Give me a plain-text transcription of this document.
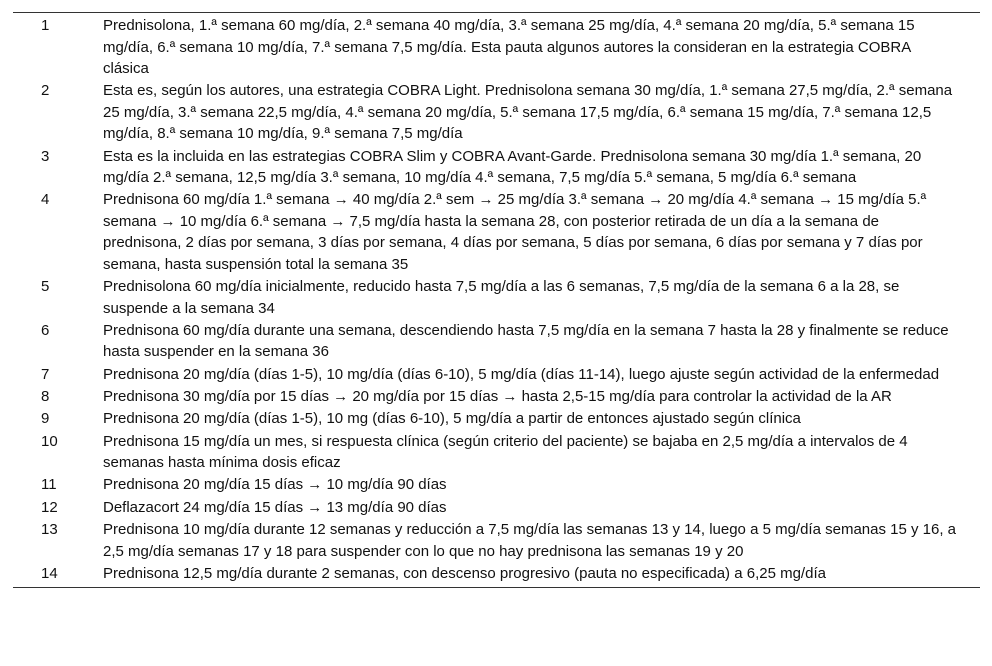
1	Prednisolona, 1.ª semana 60 mg/día, 2.ª semana 40 mg/día, 3.ª semana 25 mg/día, 4.ª semana 20 mg/día, 5.ª semana 15 mg/día, 6.ª semana 10 mg/día, 7.ª semana 7,5 mg/día. Esta pauta algunos autores la consideran en la estrategia COBRA clásica
2	Esta es, según los autores, una estrategia COBRA Light. Prednisolona semana 30 mg/día, 1.ª semana 27,5 mg/día, 2.ª semana 25 mg/día, 3.ª semana 22,5 mg/día, 4.ª semana 20 mg/día, 5.ª semana 17,5 mg/día, 6.ª semana 15 mg/día, 7.ª semana 12,5 mg/día, 8.ª semana 10 mg/día, 9.ª semana 7,5 mg/día
3	Esta es la incluida en las estrategias COBRA Slim y COBRA Avant-Garde. Prednisolona semana 30 mg/día 1.ª semana, 20 mg/día 2.ª semana, 12,5 mg/día 3.ª semana, 10 mg/día 4.ª semana, 7,5 mg/día 5.ª semana, 5 mg/día 6.ª semana
4	Prednisona 60 mg/día 1.ª semana → 40 mg/día 2.ª sem → 25 mg/día 3.ª semana → 20 mg/día 4.ª semana → 15 mg/día 5.ª semana → 10 mg/día 6.ª semana → 7,5 mg/día hasta la semana 28, con posterior retirada de un día a la semana de prednisona, 2 días por semana, 3 días por semana, 4 días por semana, 5 días por semana, 6 días por semana y 7 días por semana, hasta suspensión total la semana 35
5	Prednisolona 60 mg/día inicialmente, reducido hasta 7,5 mg/día a las 6 semanas, 7,5 mg/día de la semana 6 a la 28, se suspende a la semana 34
6	Prednisona 60 mg/día durante una semana, descendiendo hasta 7,5 mg/día en la semana 7 hasta la 28 y finalmente se reduce hasta suspender en la semana 36
7	Prednisona 20 mg/día (días 1-5), 10 mg/día (días 6-10), 5 mg/día (días 11-14), luego ajuste según actividad de la enfermedad
8	Prednisona 30 mg/día por 15 días → 20 mg/día por 15 días → hasta 2,5-15 mg/día para controlar la actividad de la AR
9	Prednisona 20 mg/día (días 1-5), 10 mg (días 6-10), 5 mg/día a partir de entonces ajustado según clínica
10	Prednisona 15 mg/día un mes, si respuesta clínica (según criterio del paciente) se bajaba en 2,5 mg/día a intervalos de 4 semanas hasta mínima dosis eficaz
11	Prednisona 20 mg/día 15 días → 10 mg/día 90 días
12	Deflazacort 24 mg/día 15 días → 13 mg/día 90 días
13	Prednisona 10 mg/día durante 12 semanas y reducción a 7,5 mg/día las semanas 13 y 14, luego a 5 mg/día semanas 15 y 16, a 2,5 mg/día semanas 17 y 18 para suspender con lo que no hay prednisona las semanas 19 y 20
14	Prednisona 12,5 mg/día durante 2 semanas, con descenso progresivo (pauta no especificada) a 6,25 mg/día
